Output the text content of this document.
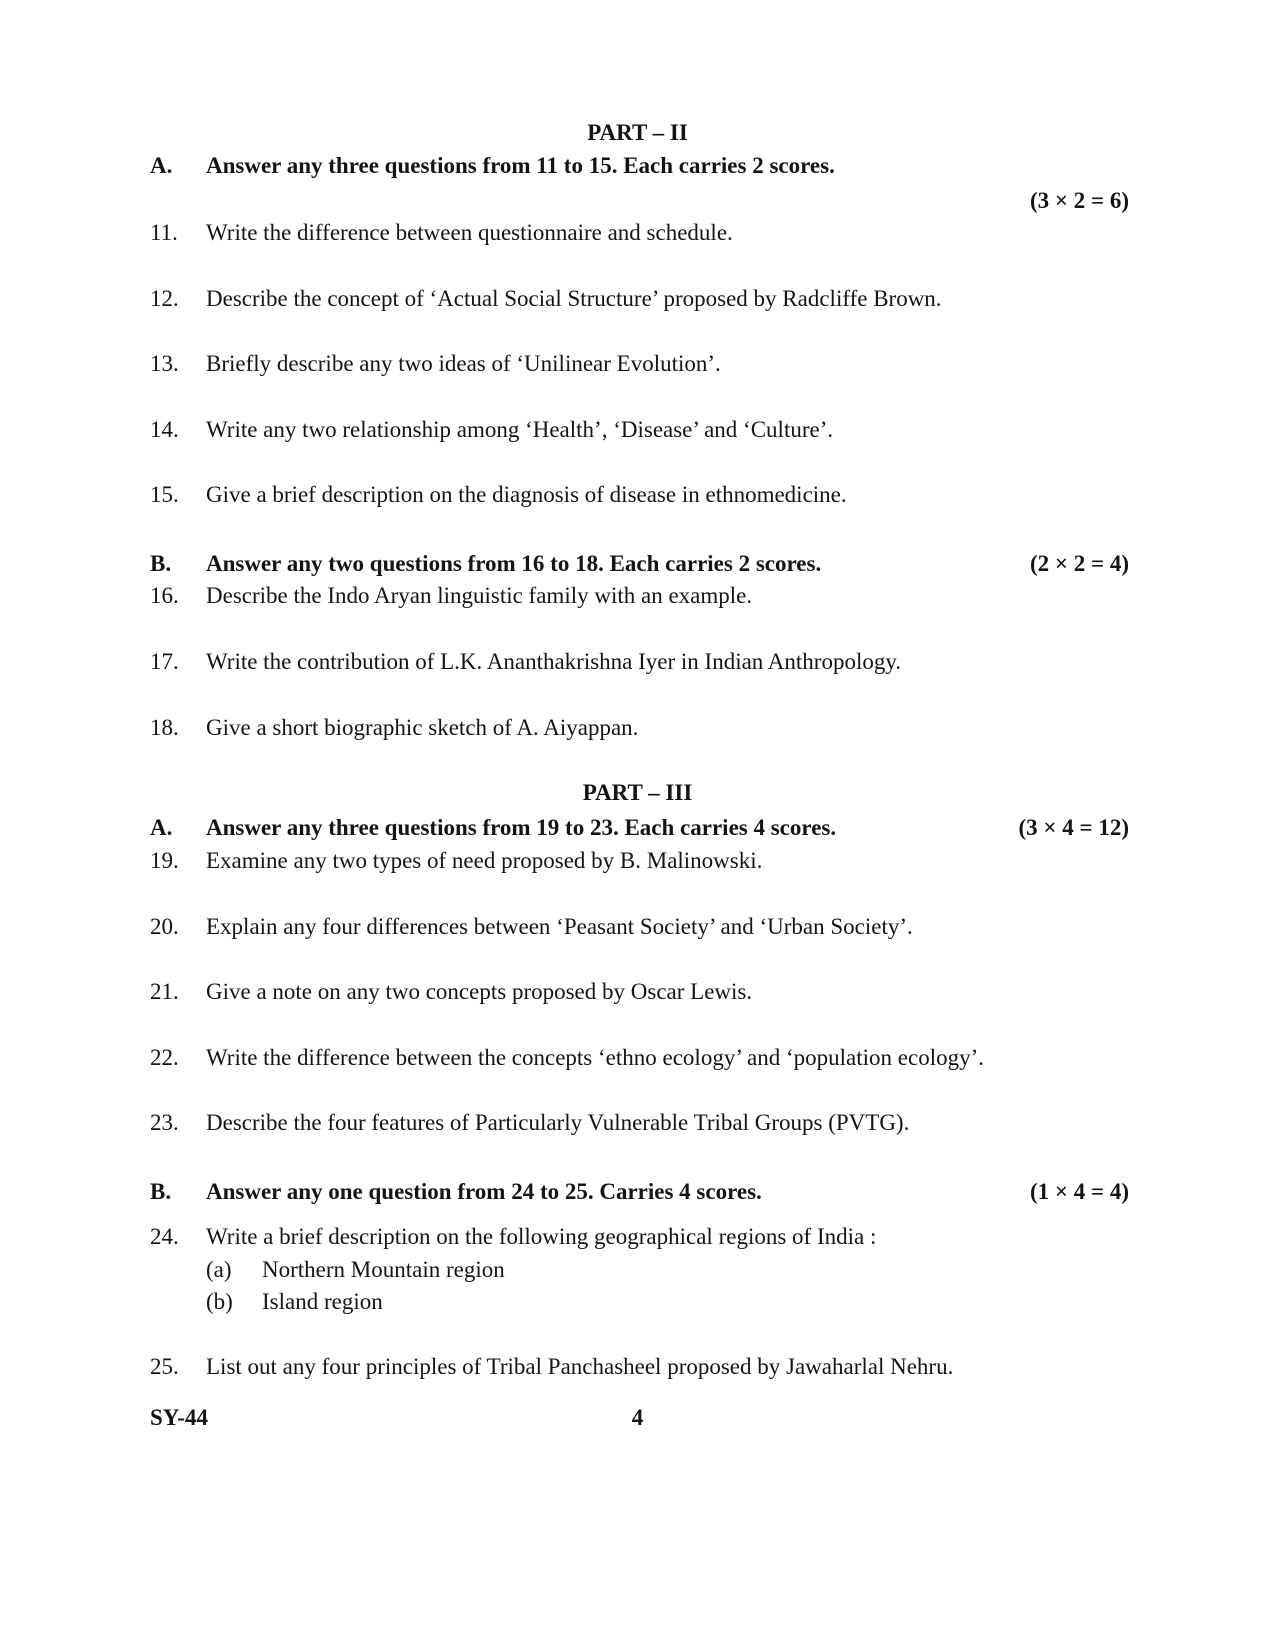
PART – II
A. Answer any three questions from 11 to 15. Each carries 2 scores.
(3 × 2 = 6)
11. Write the difference between questionnaire and schedule.
12. Describe the concept of ‘Actual Social Structure’ proposed by Radcliffe Brown.
13. Briefly describe any two ideas of ‘Unilinear Evolution’.
14. Write any two relationship among ‘Health’, ‘Disease’ and ‘Culture’.
15. Give a brief description on the diagnosis of disease in ethnomedicine.
B. Answer any two questions from 16 to 18. Each carries 2 scores.	(2 × 2 = 4)
16. Describe the Indo Aryan linguistic family with an example.
17. Write the contribution of L.K. Ananthakrishna Iyer in Indian Anthropology.
18. Give a short biographic sketch of A. Aiyappan.
PART – III
A. Answer any three questions from 19 to 23. Each carries 4 scores.	(3 × 4 = 12)
19. Examine any two types of need proposed by B. Malinowski.
20. Explain any four differences between ‘Peasant Society’ and ‘Urban Society’.
21. Give a note on any two concepts proposed by Oscar Lewis.
22. Write the difference between the concepts ‘ethno ecology’ and ‘population ecology’.
23. Describe the four features of Particularly Vulnerable Tribal Groups (PVTG).
B. Answer any one question from 24 to 25. Carries 4 scores.	(1 × 4 = 4)
24. Write a brief description on the following geographical regions of India :
(a) Northern Mountain region
(b) Island region
25. List out any four principles of Tribal Panchasheel proposed by Jawaharlal Nehru.
SY-44	4
